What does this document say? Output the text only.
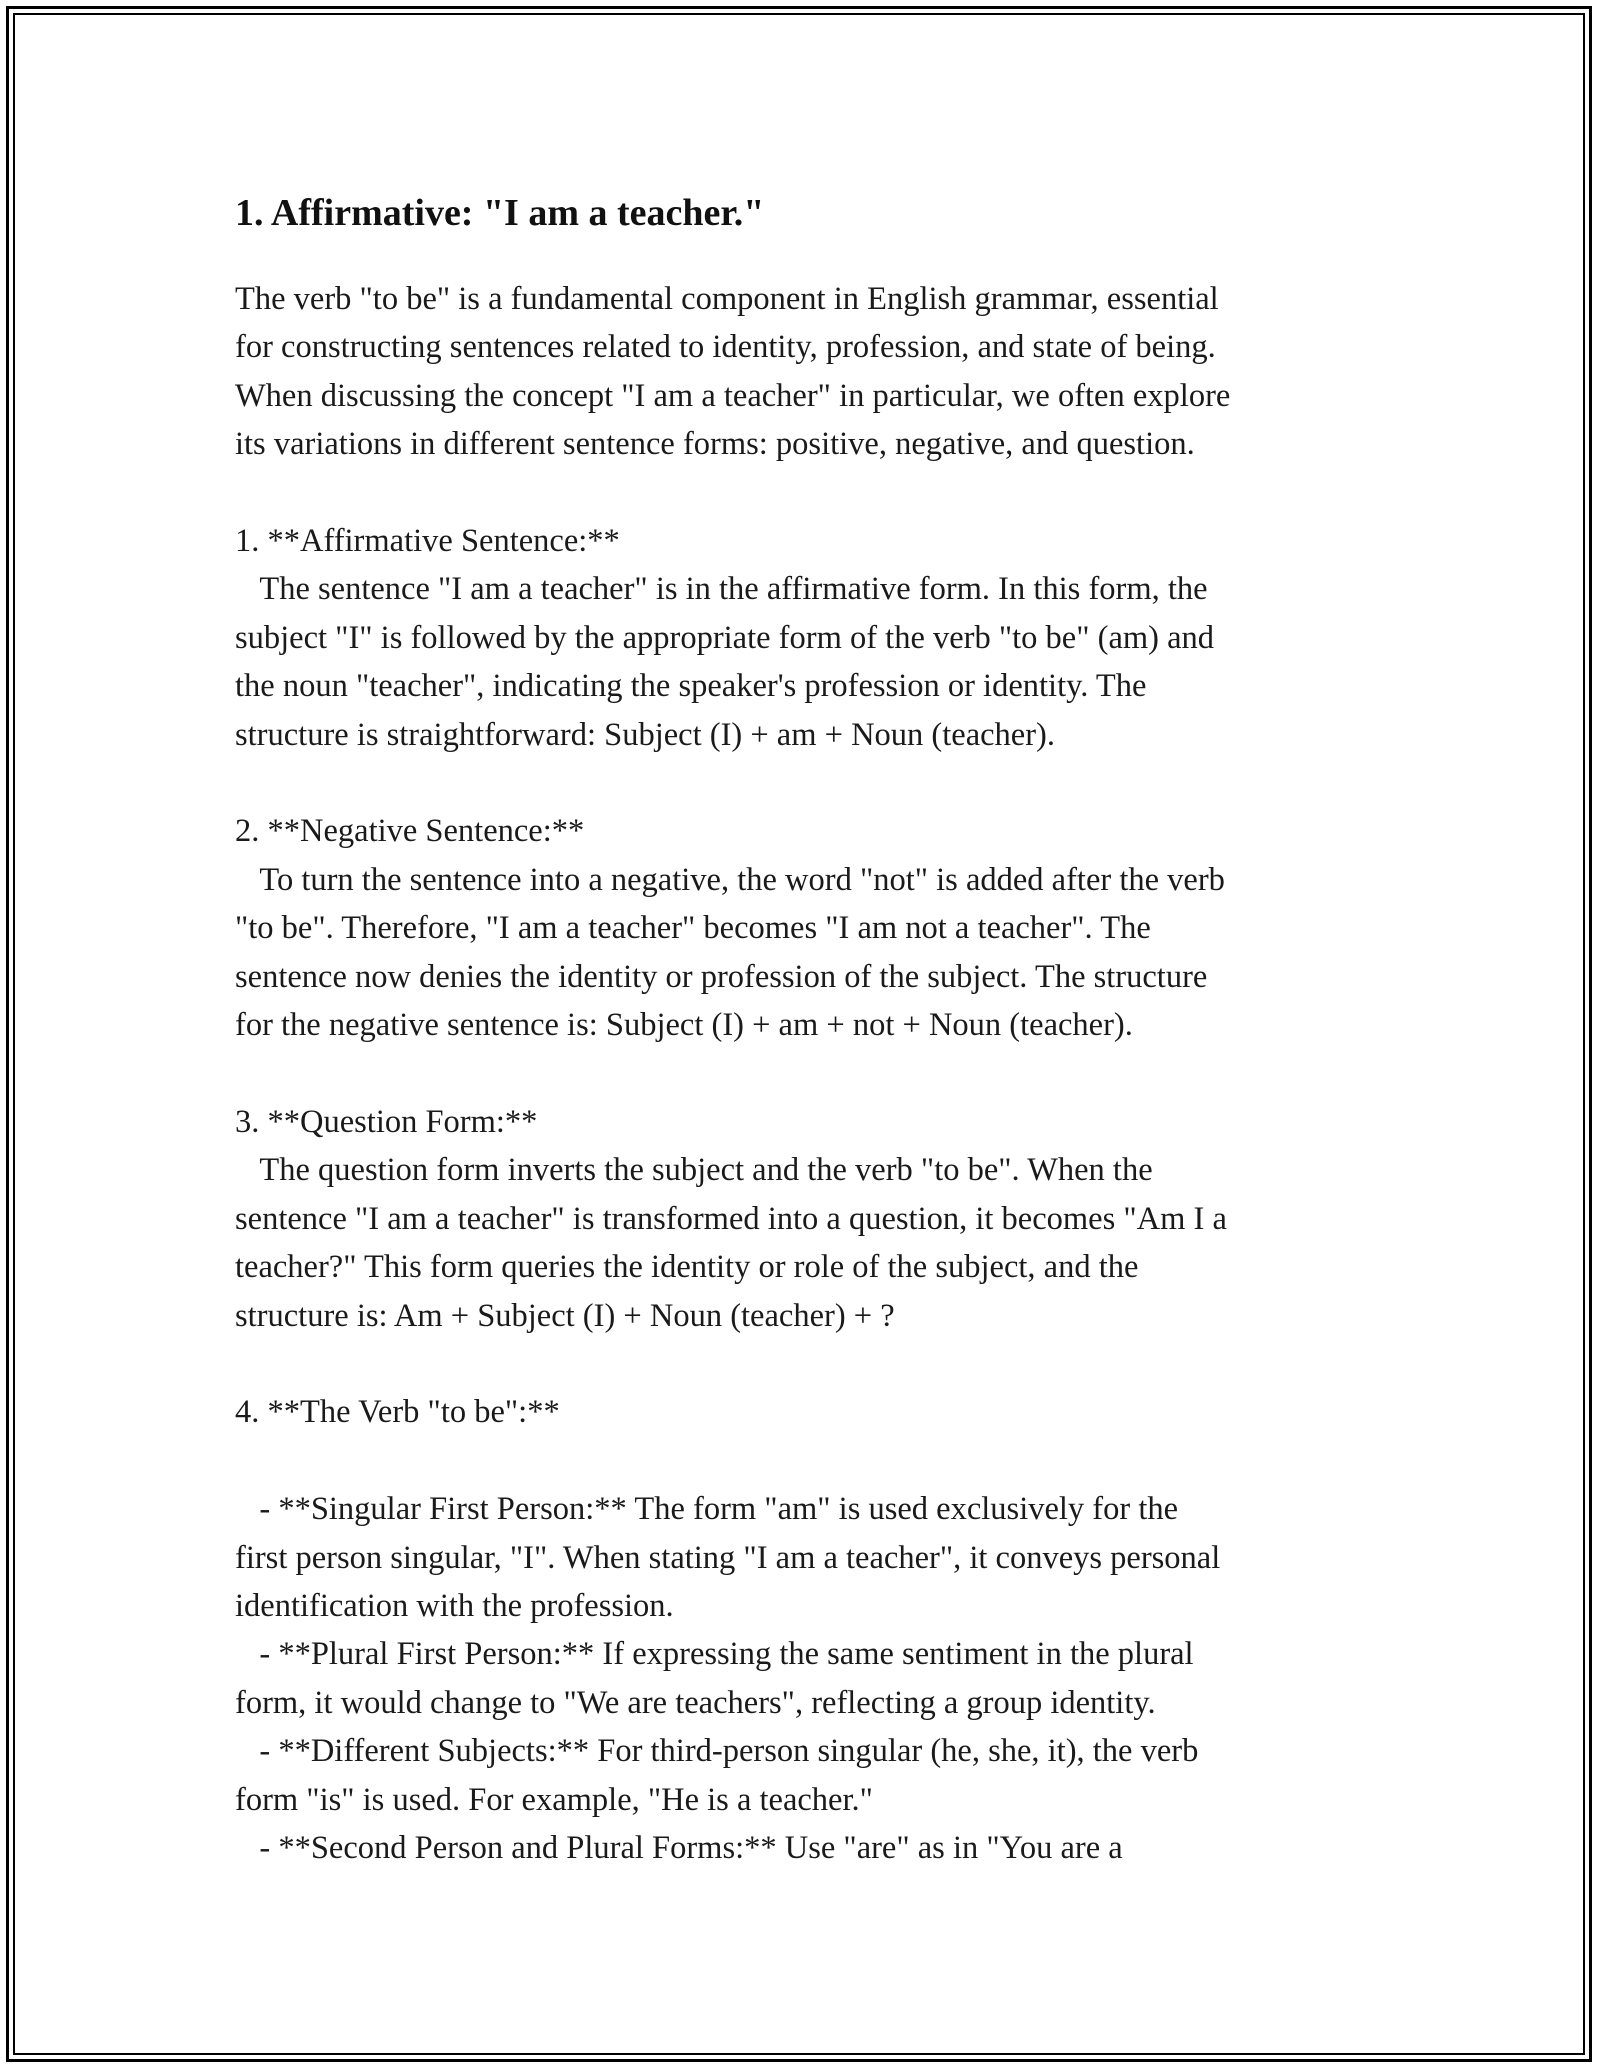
1. Affirmative: "I am a teacher."

The verb "to be" is a fundamental component in English grammar, essential
for constructing sentences related to identity, profession, and state of being.
When discussing the concept "I am a teacher" in particular, we often explore
its variations in different sentence forms: positive, negative, and question.

1. **Affirmative Sentence:**
The sentence "I am a teacher" is in the affirmative form. In this form, the
subject "I" is followed by the appropriate form of the verb "to be" (am) and
the noun "teacher", indicating the speaker's profession or identity. The
structure is straightforward: Subject (I) + am + Noun (teacher).

2. **Negative Sentence:**
To turn the sentence into a negative, the word "not" is added after the verb
"to be". Therefore, "I am a teacher" becomes "I am not a teacher". The
sentence now denies the identity or profession of the subject. The structure
for the negative sentence is: Subject (I) + am + not + Noun (teacher).

3. **Question Form:**
The question form inverts the subject and the verb "to be". When the
sentence "I am a teacher" is transformed into a question, it becomes "Am I a
teacher?" This form queries the identity or role of the subject, and the
structure is: Am + Subject (I) + Noun (teacher) + ?

4. **The Verb "to be":**

- **Singular First Person:** The form "am" is used exclusively for the
first person singular, "I". When stating "I am a teacher", it conveys personal
identification with the profession.
- **Plural First Person:** If expressing the same sentiment in the plural
form, it would change to "We are teachers", reflecting a group identity.
- **Different Subjects:** For third-person singular (he, she, it), the verb
form "is" is used. For example, "He is a teacher."
- **Second Person and Plural Forms:** Use "are" as in "You are a
